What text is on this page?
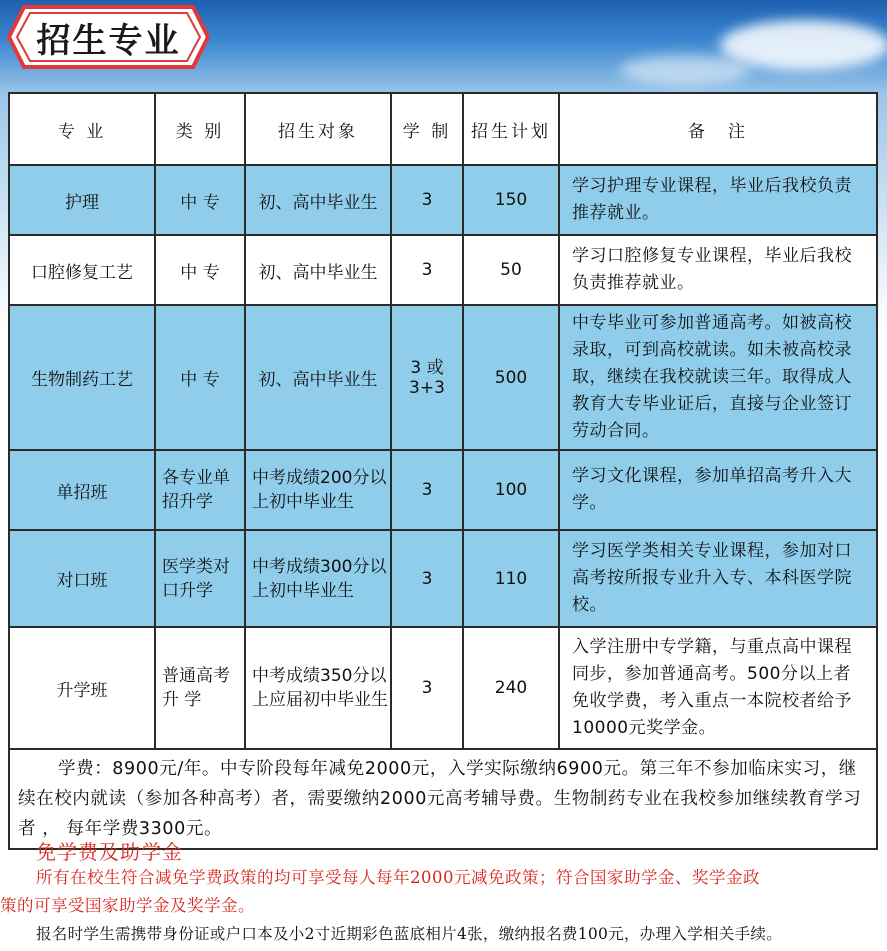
招生专业
专 业	类 别	招生对象	学 制	招生计划	备　注
护理	中 专	初、高中毕业生	3	150	学习护理专业课程，毕业后我校负责推荐就业。
口腔修复工艺	中 专	初、高中毕业生	3	50	学习口腔修复专业课程，毕业后我校负责推荐就业。
生物制药工艺	中 专	初、高中毕业生	3 或 3+3	500	中专毕业可参加普通高考。如被高校录取，可到高校就读。如未被高校录取，继续在我校就读三年。取得成人教育大专毕业证后，直接与企业签订劳动合同。
单招班	各专业单招升学	中考成绩200分以上初中毕业生	3	100	学习文化课程，参加单招高考升入大学。
对口班	医学类对口升学	中考成绩300分以上初中毕业生	3	110	学习医学类相关专业课程，参加对口高考按所报专业升入专、本科医学院校。
升学班	普通高考升 学	中考成绩350分以上应届初中毕业生	3	240	入学注册中专学籍，与重点高中课程同步，参加普通高考。500分以上者免收学费，考入重点一本院校者给予10000元奖学金。

学费：8900元/年。中专阶段每年减免2000元，入学实际缴纳6900元。第三年不参加临床实习，继续在校内就读（参加各种高考）者，需要缴纳2000元高考辅导费。生物制药专业在我校参加继续教育学习者 ， 每年学费3300元。					

免学费及助学金
所有在校生符合减免学费政策的均可享受每人每年2000元减免政策；符合国家助学金、奖学金政
策的可享受国家助学金及奖学金。
报名时学生需携带身份证或户口本及小2寸近期彩色蓝底相片4张，缴纳报名费100元，办理入学相关手续。
